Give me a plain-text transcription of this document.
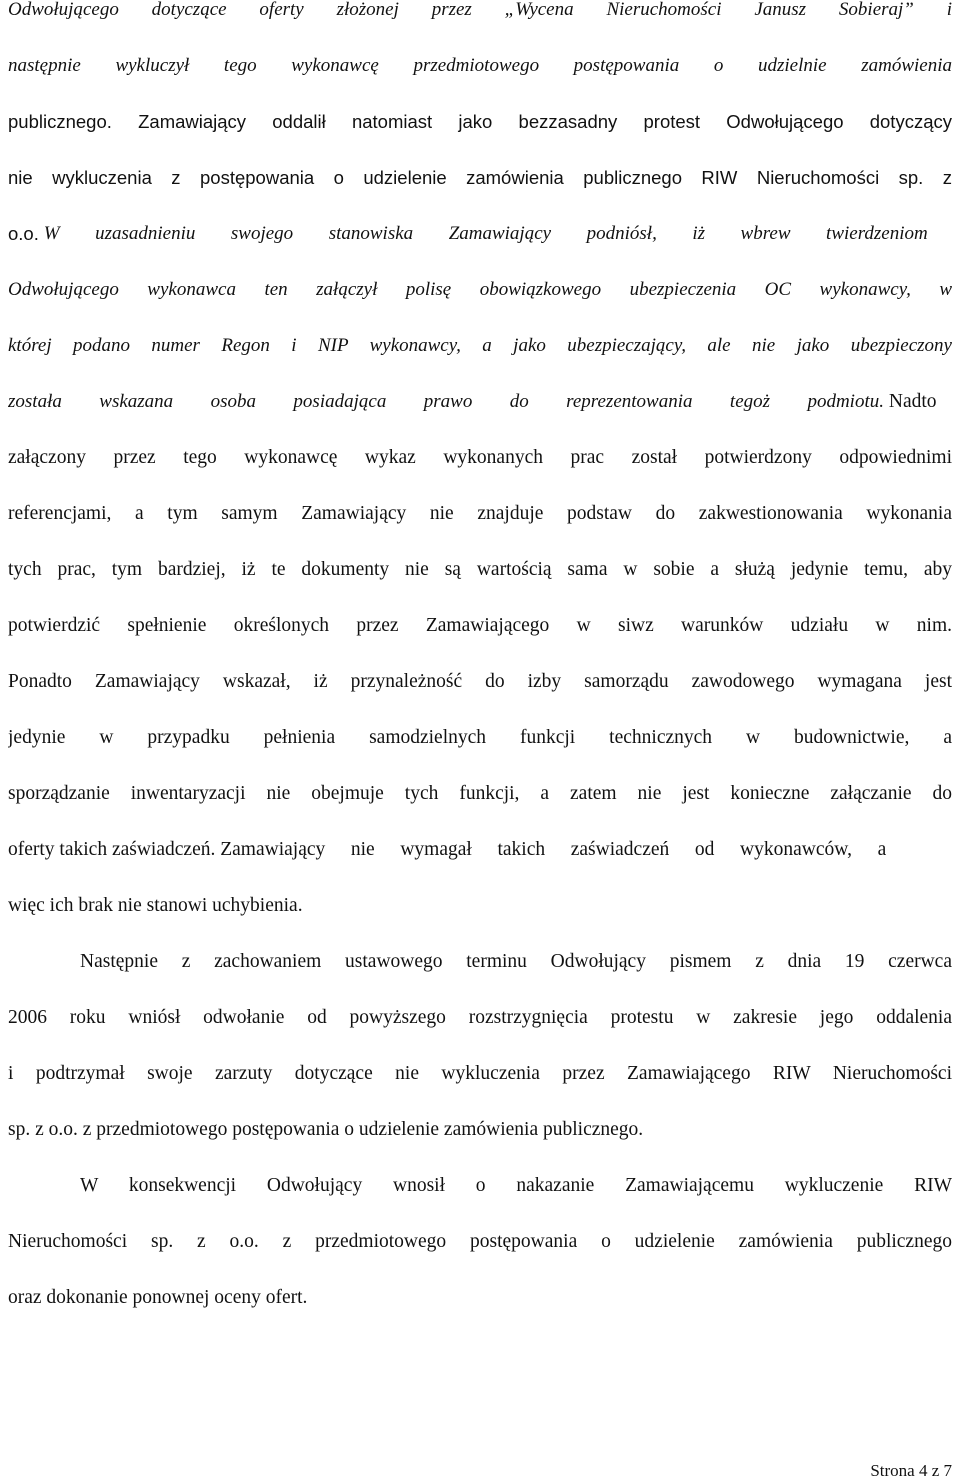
Odwołującego dotyczące oferty złożonej przez „Wycena Nieruchomości Janusz Sobieraj” i
następnie wykluczył tego wykonawcę przedmiotowego postępowania o udzielnie zamówienia
publicznego. Zamawiający oddalił natomiast jako bezzasadny protest Odwołującego dotyczący
nie wykluczenia z postępowania o udzielenie zamówienia publicznego RIW Nieruchomości sp. z
o.o. W uzasadnieniu swojego stanowiska Zamawiający podniósł, iż wbrew twierdzeniom
Odwołującego wykonawca ten załączył polisę obowiązkowego ubezpieczenia OC wykonawcy, w
której podano numer Regon i NIP wykonawcy, a jako ubezpieczający, ale nie jako ubezpieczony
została wskazana osoba posiadająca prawo do reprezentowania tegoż podmiotu. Nadto
załączony przez tego wykonawcę wykaz wykonanych prac został potwierdzony odpowiednimi
referencjami, a tym samym Zamawiający nie znajduje podstaw do zakwestionowania wykonania
tych prac, tym bardziej, iż te dokumenty nie są wartością sama w sobie a służą jedynie temu, aby
potwierdzić spełnienie określonych przez Zamawiającego w siwz warunków udziału w nim.
Ponadto Zamawiający wskazał, iż przynależność do izby samorządu zawodowego wymagana jest
jedynie w przypadku pełnienia samodzielnych funkcji technicznych w budownictwie, a
sporządzanie inwentaryzacji nie obejmuje tych funkcji, a zatem nie jest konieczne załączanie do
oferty takich zaświadczeń. Zamawiający nie wymagał takich zaświadczeń od wykonawców, a
więc ich brak nie stanowi uchybienia.
Następnie z zachowaniem ustawowego terminu Odwołujący pismem z dnia 19 czerwca
2006 roku wniósł odwołanie od powyższego rozstrzygnięcia protestu w zakresie jego oddalenia
i podtrzymał swoje zarzuty dotyczące nie wykluczenia przez Zamawiającego RIW Nieruchomości
sp. z o.o. z przedmiotowego postępowania o udzielenie zamówienia publicznego.
W konsekwencji Odwołujący wnosił o nakazanie Zamawiającemu wykluczenie RIW
Nieruchomości sp. z o.o. z przedmiotowego postępowania o udzielenie zamówienia publicznego
oraz dokonanie ponownej oceny ofert.
Strona 4 z 7
